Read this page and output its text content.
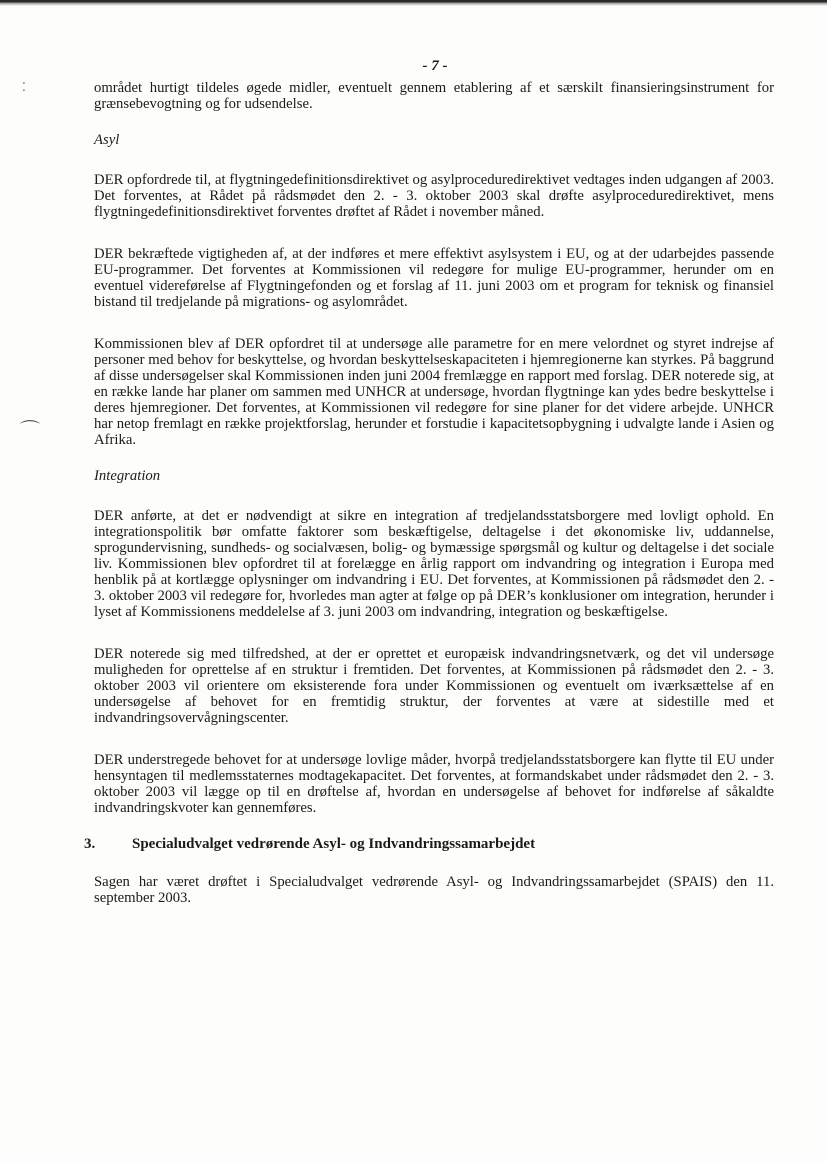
⁚
⌒
- 7 -

området hurtigt tildeles øgede midler, eventuelt gennem etablering af et særskilt finansieringsinstrument for grænsebevogtning og for udsendelse.

Asyl

DER opfordrede til, at flygtningedefinitionsdirektivet og asylproceduredirektivet vedtages inden udgangen af 2003. Det forventes, at Rådet på rådsmødet den 2. - 3. oktober 2003 skal drøfte asylproceduredirektivet, mens flygtningedefinitionsdirektivet forventes drøftet af Rådet i november måned.

DER bekræftede vigtigheden af, at der indføres et mere effektivt asylsystem i EU, og at der udarbejdes passende EU-programmer. Det forventes at Kommissionen vil redegøre for mulige EU-programmer, herunder om en eventuel videreførelse af Flygtningefonden og et forslag af 11. juni 2003 om et program for teknisk og finansiel bistand til tredjelande på migrations- og asylområdet.

Kommissionen blev af DER opfordret til at undersøge alle parametre for en mere velordnet og styret indrejse af personer med behov for beskyttelse, og hvordan beskyttelseskapaciteten i hjemregionerne kan styrkes. På baggrund af disse undersøgelser skal Kommissionen inden juni 2004 fremlægge en rapport med forslag. DER noterede sig, at en række lande har planer om sammen med UNHCR at undersøge, hvordan flygtninge kan ydes bedre beskyttelse i deres hjemregioner. Det forventes, at Kommissionen vil redegøre for sine planer for det videre arbejde. UNHCR har netop fremlagt en række projektforslag, herunder et forstudie i kapacitetsopbygning i udvalgte lande i Asien og Afrika.

Integration

DER anførte, at det er nødvendigt at sikre en integration af tredjelandsstatsborgere med lovligt ophold. En integrationspolitik bør omfatte faktorer som beskæftigelse, deltagelse i det økonomiske liv, uddannelse, sprogundervisning, sundheds- og socialvæsen, bolig- og bymæssige spørgsmål og kultur og deltagelse i det sociale liv. Kommissionen blev opfordret til at forelægge en årlig rapport om indvandring og integration i Europa med henblik på at kortlægge oplysninger om indvandring i EU. Det forventes, at Kommissionen på rådsmødet den 2. - 3. oktober 2003 vil redegøre for, hvorledes man agter at følge op på DER’s konklusioner om integration, herunder i lyset af Kommissionens meddelelse af 3. juni 2003 om indvandring, integration og beskæftigelse.

DER noterede sig med tilfredshed, at der er oprettet et europæisk indvandringsnetværk, og det vil undersøge muligheden for oprettelse af en struktur i fremtiden. Det forventes, at Kommissionen på rådsmødet den 2. - 3. oktober 2003 vil orientere om eksisterende fora under Kommissionen og eventuelt om iværksættelse af en undersøgelse af behovet for en fremtidig struktur, der forventes at være at sidestille med et indvandringsovervågningscenter.

DER understregede behovet for at undersøge lovlige måder, hvorpå tredjelandsstatsborgere kan flytte til EU under hensyntagen til medlemsstaternes modtagekapacitet. Det forventes, at formandskabet under rådsmødet den 2. - 3. oktober 2003 vil lægge op til en drøftelse af, hvordan en undersøgelse af behovet for indførelse af såkaldte indvandringskvoter kan gennemføres.

3.	Specialudvalget vedrørende Asyl- og Indvandringssamarbejdet

Sagen har været drøftet i Specialudvalget vedrørende Asyl- og Indvandringssamarbejdet (SPAIS) den 11. september 2003.
